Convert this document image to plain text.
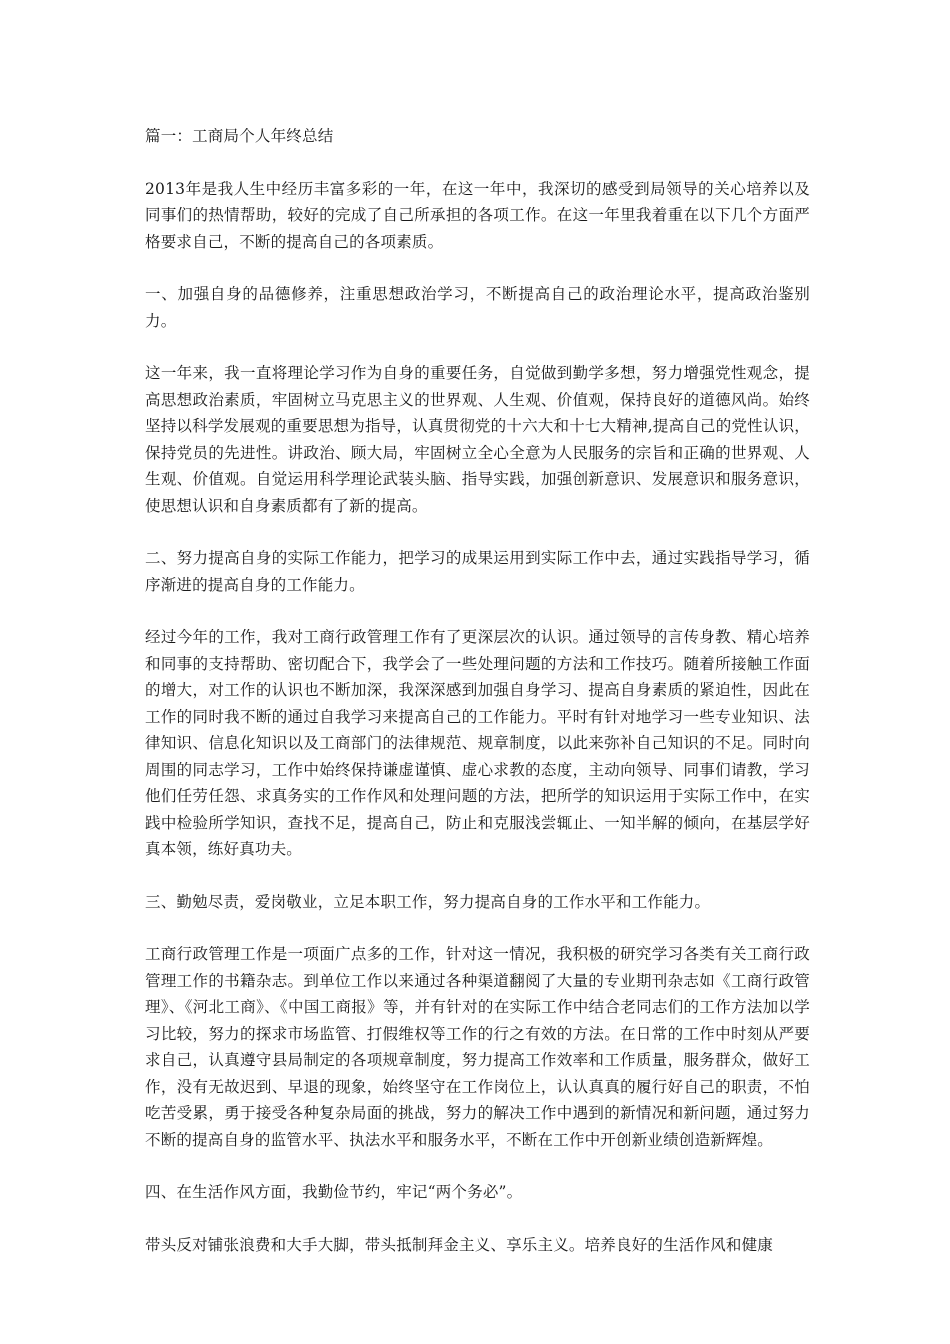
篇一：工商局个人年终总结

2013年是我人生中经历丰富多彩的一年，在这一年中，我深切的感受到局领导的关心培养以及同事们的热情帮助，较好的完成了自己所承担的各项工作。在这一年里我着重在以下几个方面严格要求自己，不断的提高自己的各项素质。

一、加强自身的品德修养，注重思想政治学习，不断提高自己的政治理论水平，提高政治鉴别力。

这一年来，我一直将理论学习作为自身的重要任务，自觉做到勤学多想，努力增强党性观念，提高思想政治素质，牢固树立马克思主义的世界观、人生观、价值观，保持良好的道德风尚。始终坚持以科学发展观的重要思想为指导，认真贯彻党的十六大和十七大精神,提高自己的党性认识，保持党员的先进性。讲政治、顾大局，牢固树立全心全意为人民服务的宗旨和正确的世界观、人生观、价值观。自觉运用科学理论武装头脑、指导实践，加强创新意识、发展意识和服务意识，使思想认识和自身素质都有了新的提高。

二、努力提高自身的实际工作能力，把学习的成果运用到实际工作中去，通过实践指导学习，循序渐进的提高自身的工作能力。

经过今年的工作，我对工商行政管理工作有了更深层次的认识。通过领导的言传身教、精心培养和同事的支持帮助、密切配合下，我学会了一些处理问题的方法和工作技巧。随着所接触工作面的增大，对工作的认识也不断加深，我深深感到加强自身学习、提高自身素质的紧迫性，因此在工作的同时我不断的通过自我学习来提高自己的工作能力。平时有针对地学习一些专业知识、法律知识、信息化知识以及工商部门的法律规范、规章制度，以此来弥补自己知识的不足。同时向周围的同志学习，工作中始终保持谦虚谨慎、虚心求教的态度，主动向领导、同事们请教，学习他们任劳任怨、求真务实的工作作风和处理问题的方法，把所学的知识运用于实际工作中，在实践中检验所学知识，查找不足，提高自己，防止和克服浅尝辄止、一知半解的倾向，在基层学好真本领，练好真功夫。

三、勤勉尽责，爱岗敬业，立足本职工作，努力提高自身的工作水平和工作能力。

工商行政管理工作是一项面广点多的工作，针对这一情况，我积极的研究学习各类有关工商行政管理工作的书籍杂志。到单位工作以来通过各种渠道翻阅了大量的专业期刊杂志如《工商行政管理》、《河北工商》、《中国工商报》等，并有针对的在实际工作中结合老同志们的工作方法加以学习比较，努力的探求市场监管、打假维权等工作的行之有效的方法。在日常的工作中时刻从严要求自己，认真遵守县局制定的各项规章制度，努力提高工作效率和工作质量，服务群众，做好工作，没有无故迟到、早退的现象，始终坚守在工作岗位上，认认真真的履行好自己的职责，不怕吃苦受累，勇于接受各种复杂局面的挑战，努力的解决工作中遇到的新情况和新问题，通过努力不断的提高自身的监管水平、执法水平和服务水平，不断在工作中开创新业绩创造新辉煌。

四、在生活作风方面，我勤俭节约，牢记“两个务必”。

带头反对铺张浪费和大手大脚，带头抵制拜金主义、享乐主义。培养良好的生活作风和健康
